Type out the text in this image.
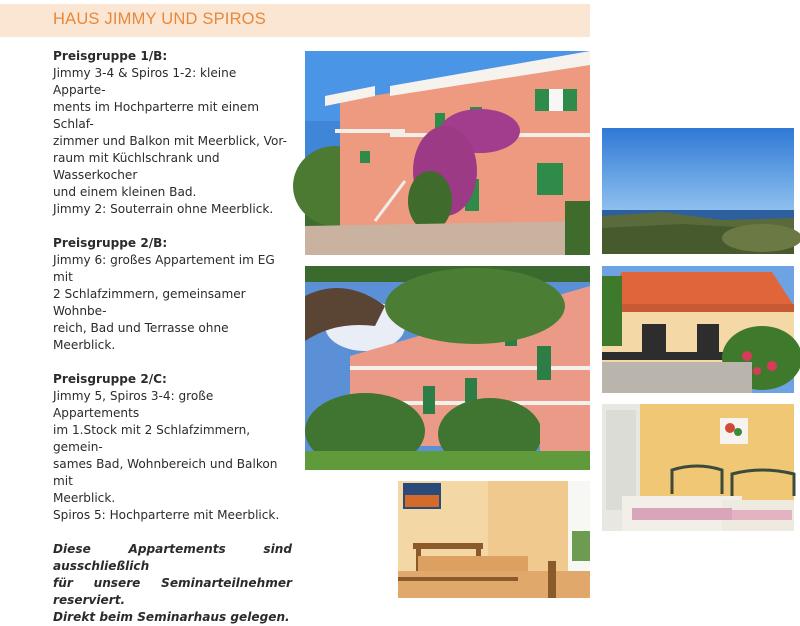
HAUS JIMMY UND SPIROS
Preisgruppe 1/B:
Jimmy 3-4 & Spiros 1-2: kleine Apparte-
ments im Hochparterre mit einem Schlaf-
zimmer und Balkon mit Meerblick, Vor-
raum mit Küchlschrank und Wasserkocher
und einem kleinen Bad.
Jimmy 2: Souterrain ohne Meerblick.
Preisgruppe 2/B:
Jimmy 6: großes Appartement im EG mit
2 Schlafzimmern, gemeinsamer Wohnbe-
reich, Bad und Terrasse ohne Meerblick.
Preisgruppe 2/C:
Jimmy 5, Spiros 3-4: große Appartements
im 1.Stock mit 2 Schlafzimmern, gemein-
sames Bad, Wohnbereich und Balkon mit
Meerblick.
Spiros 5: Hochparterre mit Meerblick.
Diese Appartements sind ausschließlich
für unsere Seminarteilnehmer reserviert.
Direkt beim Seminarhaus gelegen.
